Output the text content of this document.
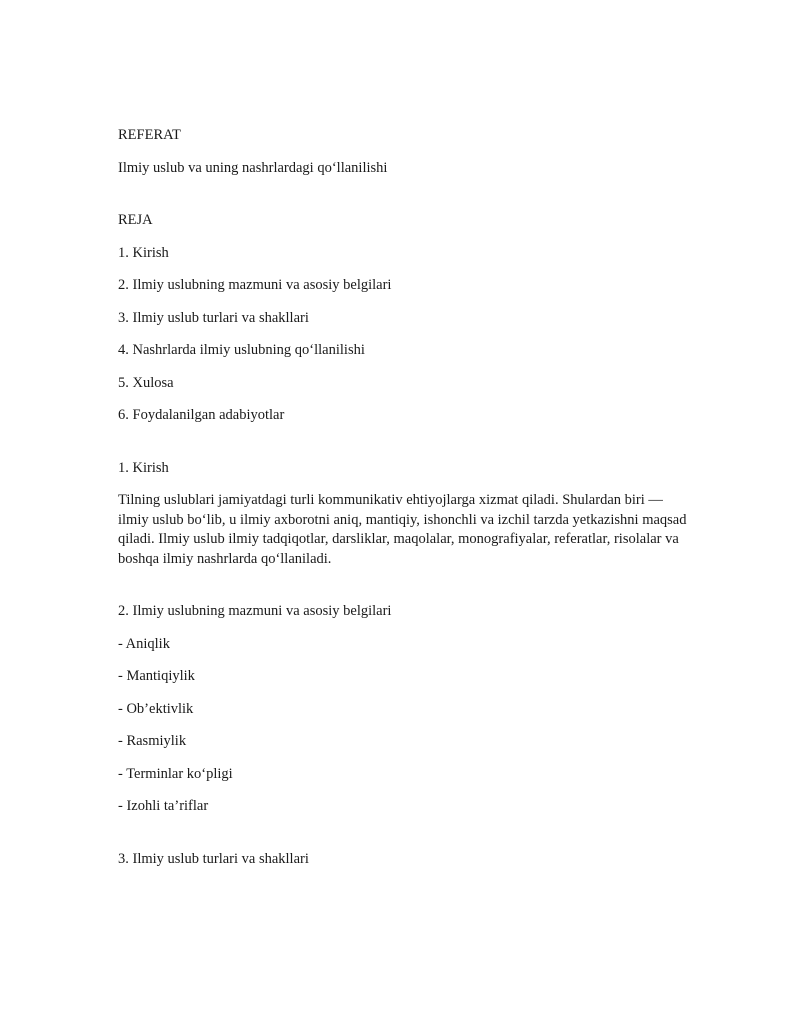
REFERAT

Ilmiy uslub va uning nashrlardagi qoʻllanilishi

REJA

1. Kirish

2. Ilmiy uslubning mazmuni va asosiy belgilari

3. Ilmiy uslub turlari va shakllari

4. Nashrlarda ilmiy uslubning qoʻllanilishi

5. Xulosa

6. Foydalanilgan adabiyotlar

1. Kirish

Tilning uslublari jamiyatdagi turli kommunikativ ehtiyojlarga xizmat qiladi. Shulardan biri — ilmiy uslub boʻlib, u ilmiy axborotni aniq, mantiqiy, ishonchli va izchil tarzda yetkazishni maqsad qiladi. Ilmiy uslub ilmiy tadqiqotlar, darsliklar, maqolalar, monografiyalar, referatlar, risolalar va boshqa ilmiy nashrlarda qoʻllaniladi.

2. Ilmiy uslubning mazmuni va asosiy belgilari

- Aniqlik

- Mantiqiylik

- Ob’ektivlik

- Rasmiylik

- Terminlar koʻpligi

- Izohli ta’riflar

3. Ilmiy uslub turlari va shakllari
